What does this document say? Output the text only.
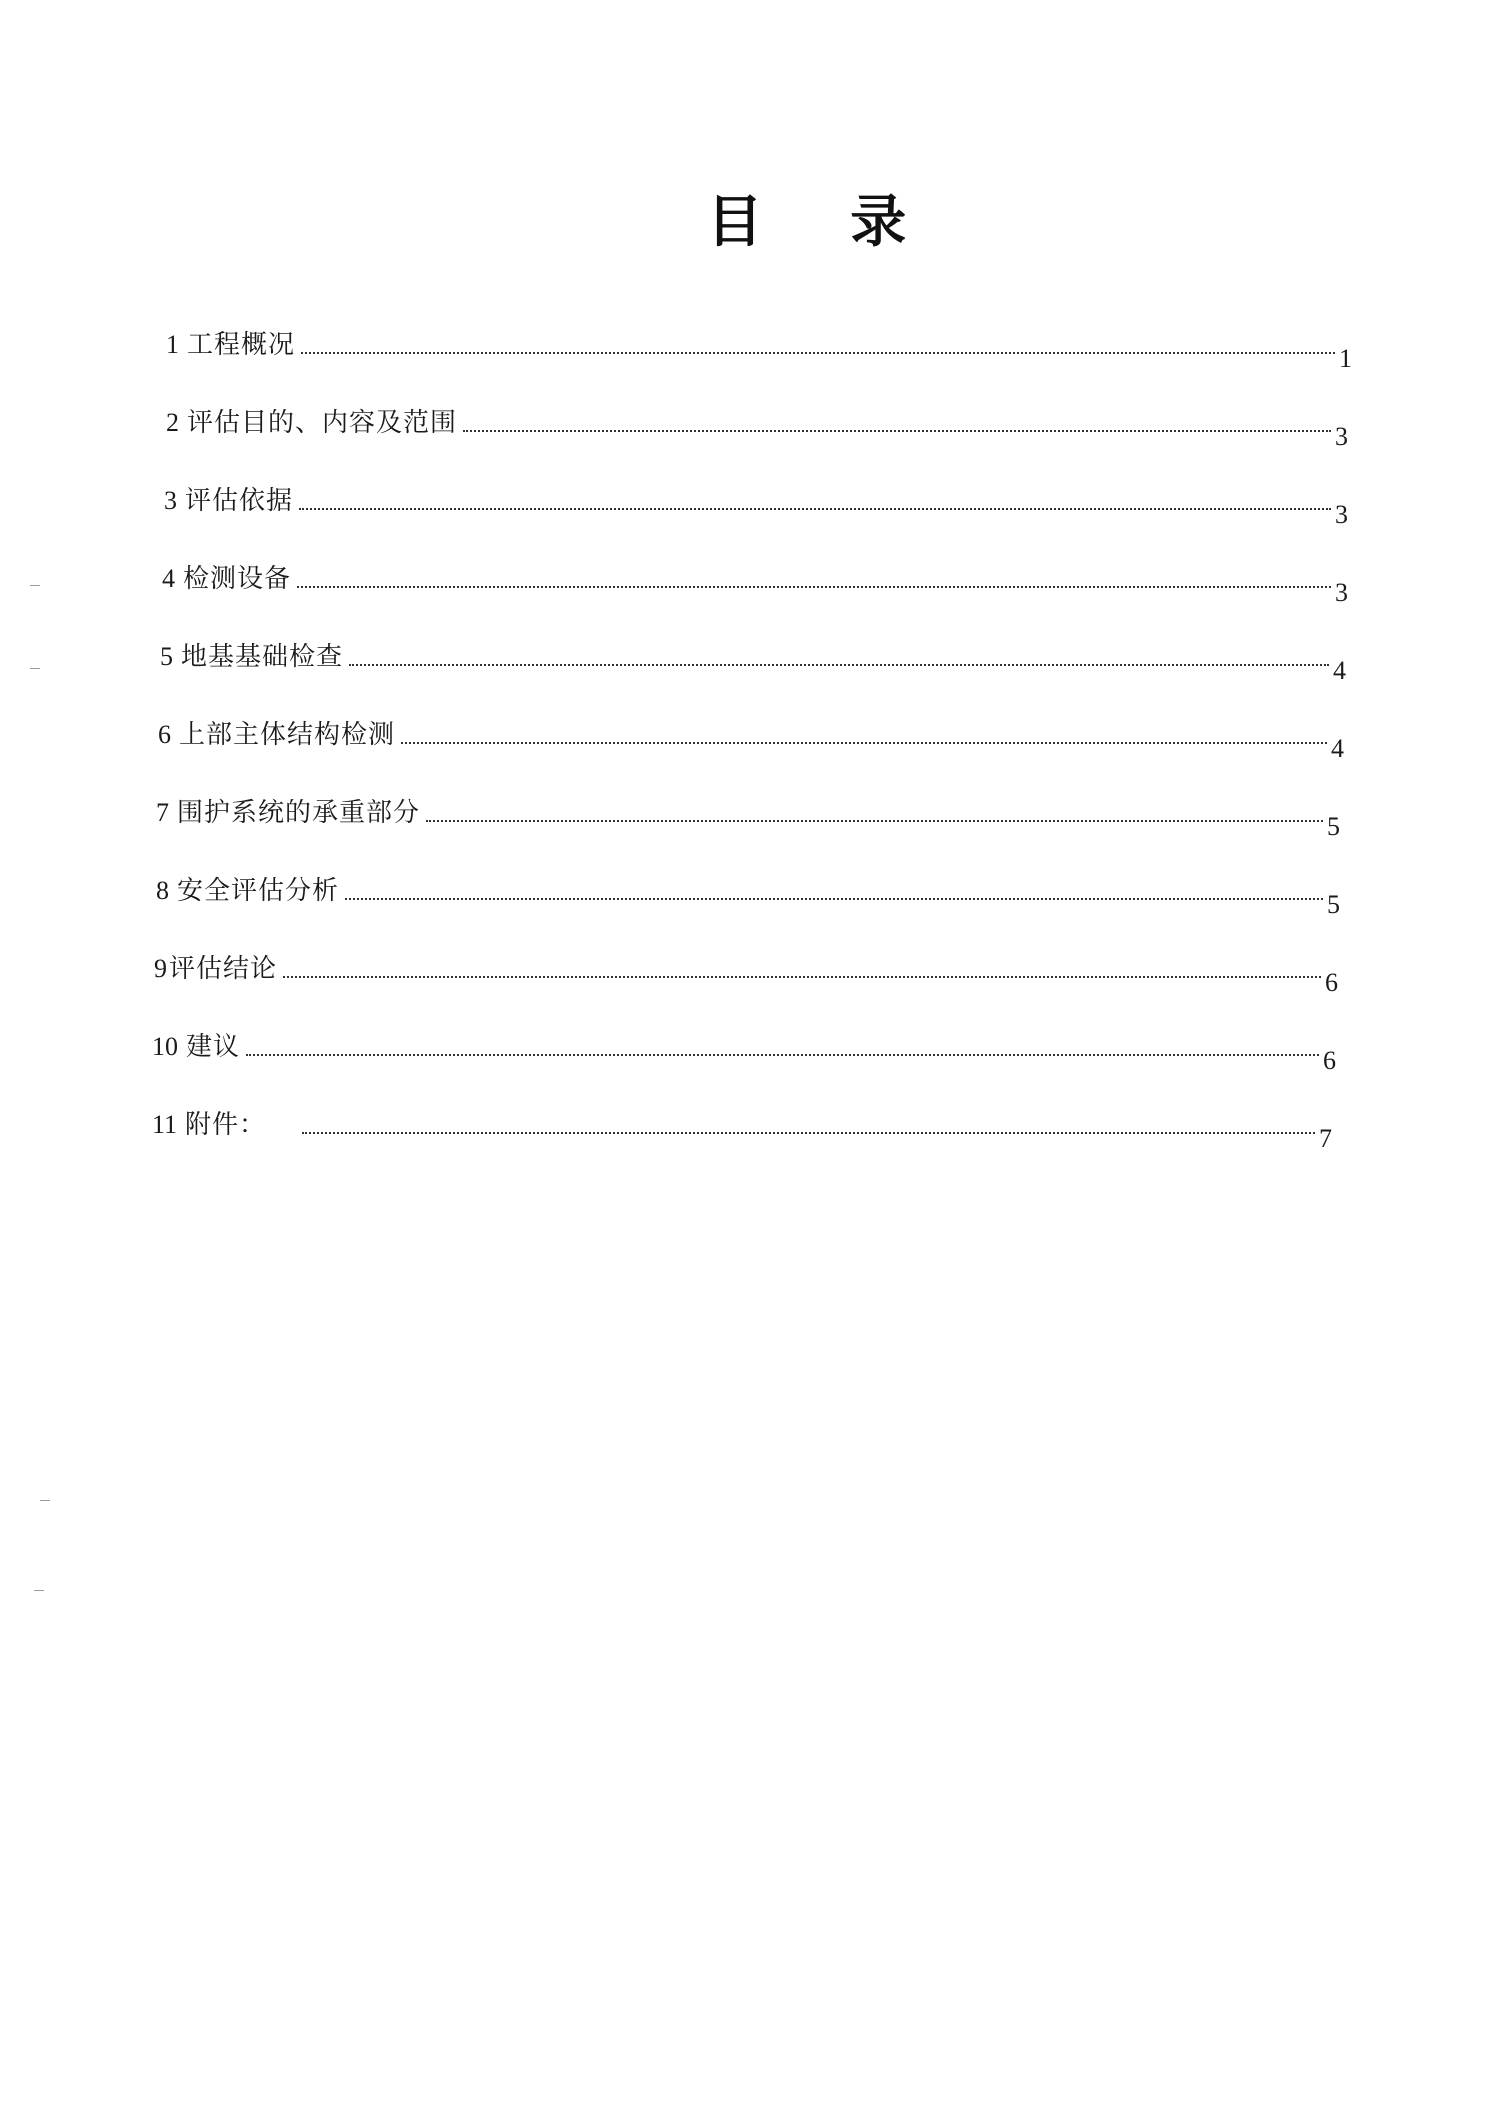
目 录
1 工程概况	1
2 评估目的、内容及范围	3
3 评估依据	3
4 检测设备	3
5 地基基础检查	4
6 上部主体结构检测	4
7 围护系统的承重部分	5
8 安全评估分析	5
9 评估结论	6
10 建议	6
11 附件：	7
